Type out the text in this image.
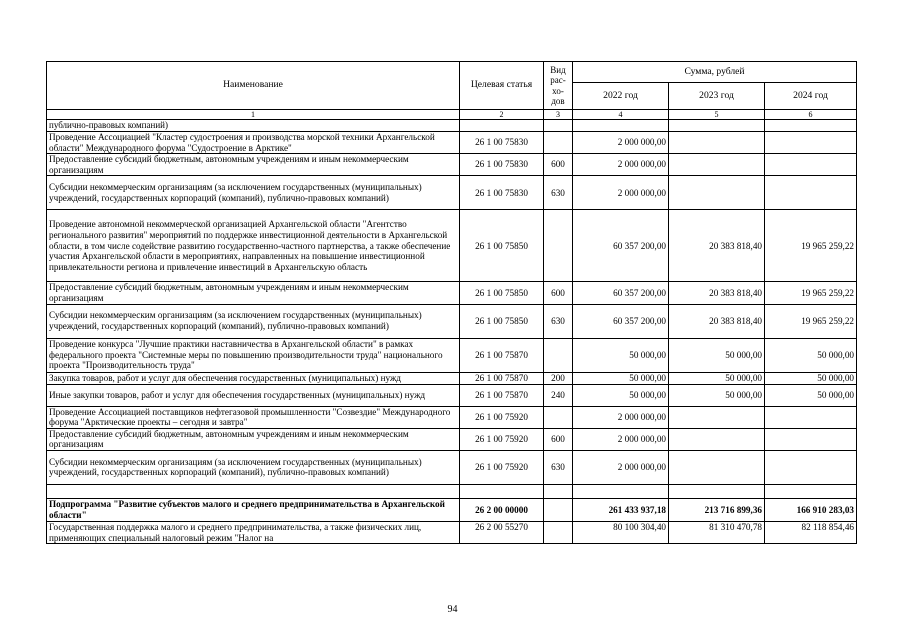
Наименование	Целевая статья	Вид рас-хо-дов	Сумма, рублей		
			2022 год	2023 год	2024 год
1	2	3	4	5	6
публично-правовых компаний)					
Проведение Ассоциацией "Кластер судостроения и производства морской техники Архангельской области" Международного форума "Судостроение в Арктике"	26 1 00 75830		2 000 000,00		
Предоставление субсидий бюджетным, автономным учреждениям и иным некоммерческим организациям	26 1 00 75830	600	2 000 000,00		
Субсидии некоммерческим организациям (за исключением государственных (муниципальных) учреждений, государственных корпораций (компаний), публично-правовых компаний)	26 1 00 75830	630	2 000 000,00		
Проведение автономной некоммерческой организацией Архангельской области "Агентство регионального развития" мероприятий по поддержке инвестиционной деятельности в Архангельской области, в том числе содействие развитию государственно-частного партнерства, а также обеспечение участия Архангельской области в мероприятиях, направленных на повышение инвестиционной привлекательности региона и привлечение инвестиций в Архангельскую область	26 1 00 75850		60 357 200,00	20 383 818,40	19 965 259,22
Предоставление субсидий бюджетным, автономным учреждениям и иным некоммерческим организациям	26 1 00 75850	600	60 357 200,00	20 383 818,40	19 965 259,22
Субсидии некоммерческим организациям (за исключением государственных (муниципальных) учреждений, государственных корпораций (компаний), публично-правовых компаний)	26 1 00 75850	630	60 357 200,00	20 383 818,40	19 965 259,22
Проведение конкурса "Лучшие практики наставничества в Архангельской области" в рамках федерального проекта "Системные меры по повышению производительности труда" национального проекта "Производительность труда"	26 1 00 75870		50 000,00	50 000,00	50 000,00
Закупка товаров, работ и услуг для обеспечения государственных (муниципальных) нужд	26 1 00 75870	200	50 000,00	50 000,00	50 000,00
Иные закупки товаров, работ и услуг для обеспечения государственных (муниципальных) нужд	26 1 00 75870	240	50 000,00	50 000,00	50 000,00
Проведение Ассоциацией поставщиков нефтегазовой промышленности "Созвездие" Международного форума "Арктические проекты – сегодня и завтра"	26 1 00 75920		2 000 000,00		
Предоставление субсидий бюджетным, автономным учреждениям и иным некоммерческим организациям	26 1 00 75920	600	2 000 000,00		
Субсидии некоммерческим организациям (за исключением государственных (муниципальных) учреждений, государственных корпораций (компаний), публично-правовых компаний)	26 1 00 75920	630	2 000 000,00		

Подпрограмма "Развитие субъектов малого и среднего предпринимательства в Архангельской области"	26 2 00 00000		261 433 937,18	213 716 899,36	166 910 283,03
Государственная поддержка малого и среднего предпринимательства, а также физических лиц, применяющих специальный налоговый режим "Налог на	26 2 00 55270		80 100 304,40	81 310 470,78	82 118 854,46
94
